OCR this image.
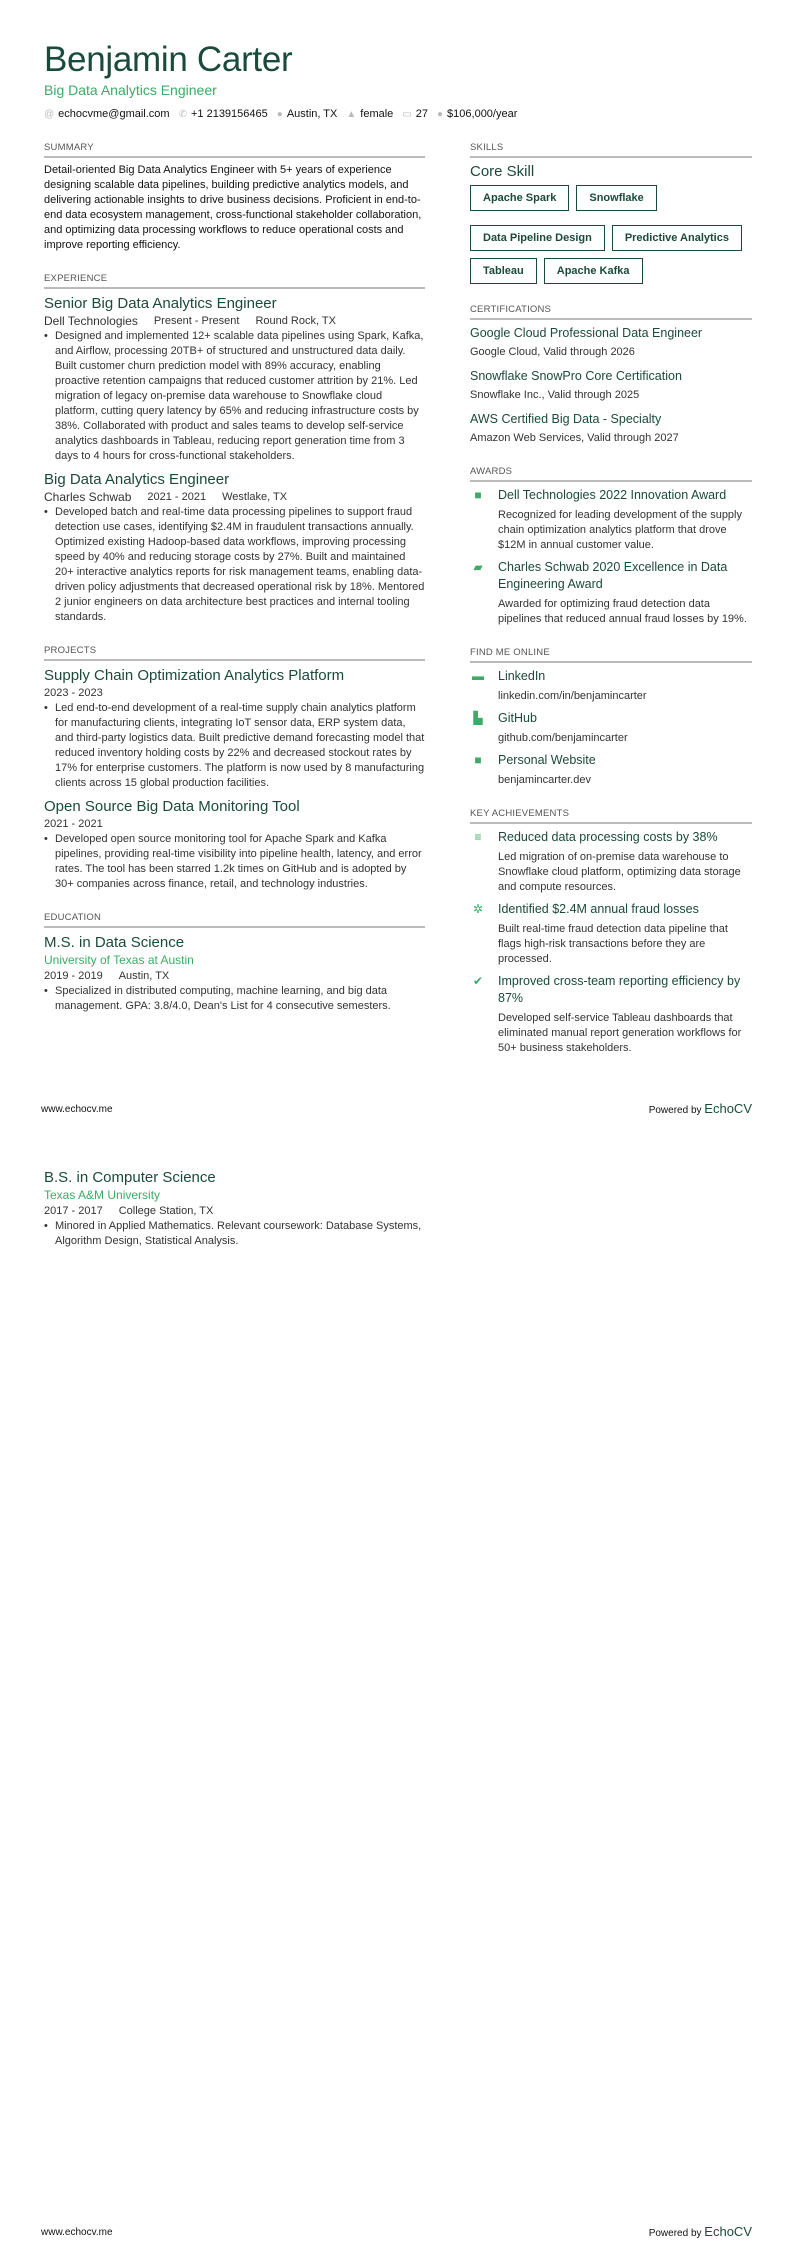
Benjamin Carter
Big Data Analytics Engineer
@ echocvme@gmail.com ✆ +1 2139156465 ● Austin, TX ▲ female ▭ 27 ● $106,000/year
SUMMARY

Detail-oriented Big Data Analytics Engineer with 5+ years of experience designing scalable data pipelines, building predictive analytics models, and delivering actionable insights to drive business decisions. Proficient in end-to-end data ecosystem management, cross-functional stakeholder collaboration, and optimizing data processing workflows to reduce operational costs and improve reporting efficiency.

EXPERIENCE
Senior Big Data Analytics Engineer
Dell Technologies Present - Present Round Rock, TX
• Designed and implemented 12+ scalable data pipelines using Spark, Kafka, and Airflow, processing 20TB+ of structured and unstructured data daily. Built customer churn prediction model with 89% accuracy, enabling proactive retention campaigns that reduced customer attrition by 21%. Led migration of legacy on-premise data warehouse to Snowflake cloud platform, cutting query latency by 65% and reducing infrastructure costs by 38%. Collaborated with product and sales teams to develop self-service analytics dashboards in Tableau, reducing report generation time from 3 days to 4 hours for cross-functional stakeholders.
Big Data Analytics Engineer
Charles Schwab 2021 - 2021 Westlake, TX
• Developed batch and real-time data processing pipelines to support fraud detection use cases, identifying $2.4M in fraudulent transactions annually. Optimized existing Hadoop-based data workflows, improving processing speed by 40% and reducing storage costs by 27%. Built and maintained 20+ interactive analytics reports for risk management teams, enabling data-driven policy adjustments that decreased operational risk by 18%. Mentored 2 junior engineers on data architecture best practices and internal tooling standards.
PROJECTS
Supply Chain Optimization Analytics Platform
2023 - 2023
• Led end-to-end development of a real-time supply chain analytics platform for manufacturing clients, integrating IoT sensor data, ERP system data, and third-party logistics data. Built predictive demand forecasting model that reduced inventory holding costs by 22% and decreased stockout rates by 17% for enterprise customers. The platform is now used by 8 manufacturing clients across 15 global production facilities.
Open Source Big Data Monitoring Tool
2021 - 2021
• Developed open source monitoring tool for Apache Spark and Kafka pipelines, providing real-time visibility into pipeline health, latency, and error rates. The tool has been starred 1.2k times on GitHub and is adopted by 30+ companies across finance, retail, and technology industries.
EDUCATION
M.S. in Data Science
University of Texas at Austin
2019 - 2019 Austin, TX
• Specialized in distributed computing, machine learning, and big data management. GPA: 3.8/4.0, Dean's List for 4 consecutive semesters.
SKILLS
Core Skill
Apache Spark	Snowflake
Data Pipeline Design	Predictive Analytics
Tableau	Apache Kafka
CERTIFICATIONS
Google Cloud Professional Data Engineer
Google Cloud, Valid through 2026
Snowflake SnowPro Core Certification
Snowflake Inc., Valid through 2025
AWS Certified Big Data - Specialty
Amazon Web Services, Valid through 2027
AWARDS
■	Dell Technologies 2022 Innovation Award
Recognized for leading development of the supply chain optimization analytics platform that drove $12M in annual customer value.
▰ Charles Schwab 2020 Excellence in Data Engineering Award
Awarded for optimizing fraud detection data pipelines that reduced annual fraud losses by 19%.
FIND ME ONLINE
▬ LinkedIn
linkedin.com/in/benjamincarter
▙ GitHub
github.com/benjamincarter
■	Personal Website
benjamincarter.dev
KEY ACHIEVEMENTS
≡	Reduced data processing costs by 38%
Led migration of on-premise data warehouse to Snowflake cloud platform, optimizing data storage and compute resources.
✲ Identified $2.4M annual fraud losses
Built real-time fraud detection data pipeline that flags high-risk transactions before they are processed.
✔ Improved cross-team reporting efficiency by 87%
Developed self-service Tableau dashboards that eliminated manual report generation workflows for 50+ business stakeholders.
www.echocv.me	Powered by EchoCV
B.S. in Computer Science
Texas A&M University
2017 - 2017 College Station, TX
• Minored in Applied Mathematics. Relevant coursework: Database Systems, Algorithm Design, Statistical Analysis.
www.echocv.me	Powered by EchoCV
